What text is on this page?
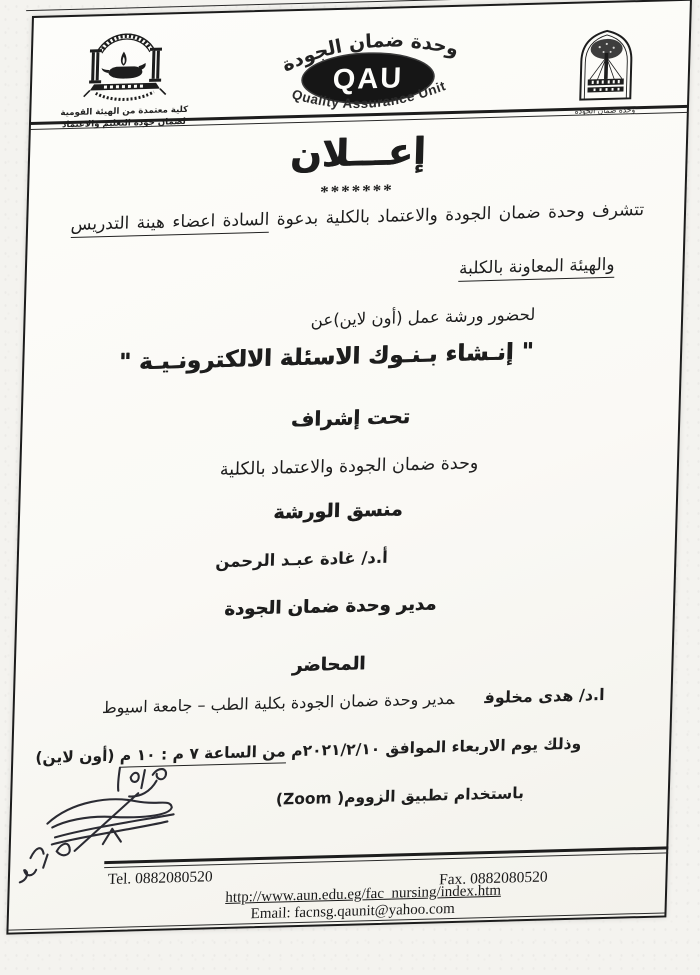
كلية معتمدة من الهيئة القومية
لضمان جودة التعليم والاعتماد
وحدة ضمان الجودة
QAU
Quality Assurance Unit
وحدة ضمان الجودة
إعـــلان
*******
تتشرف وحدة ضمان الجودة والاعتماد بالكلية بدعوة السادة اعضاء هينة التدريس
والهيئة المعاونة بالكلبة
لحضور ورشة عمل (أون لاين)عن
" إنـشاء بـنـوك الاسئلة الالكترونـيـة "
تحت إشراف
وحدة ضمان الجودة والاعتماد بالكلية
منسق الورشة
أ.د/ غادة عبـد الرحمن
مدير وحدة ضمان الجودة
المحاضر
ا.د/ هدى مخلوفمدير وحدة ضمان الجودة بكلية الطب – جامعة اسيوط
وذلك يوم الاربعاء الموافق ٢٠٢١/٢/١٠م من الساعة ٧ م : ١٠ م (أون لاين)
باستخدام تطبيق الزووم( Zoom)
Tel. 0882080520	Fax. 0882080520
http://www.aun.edu.eg/fac_nursing/index.htm
Email: facnsg.qaunit@yahoo.com
